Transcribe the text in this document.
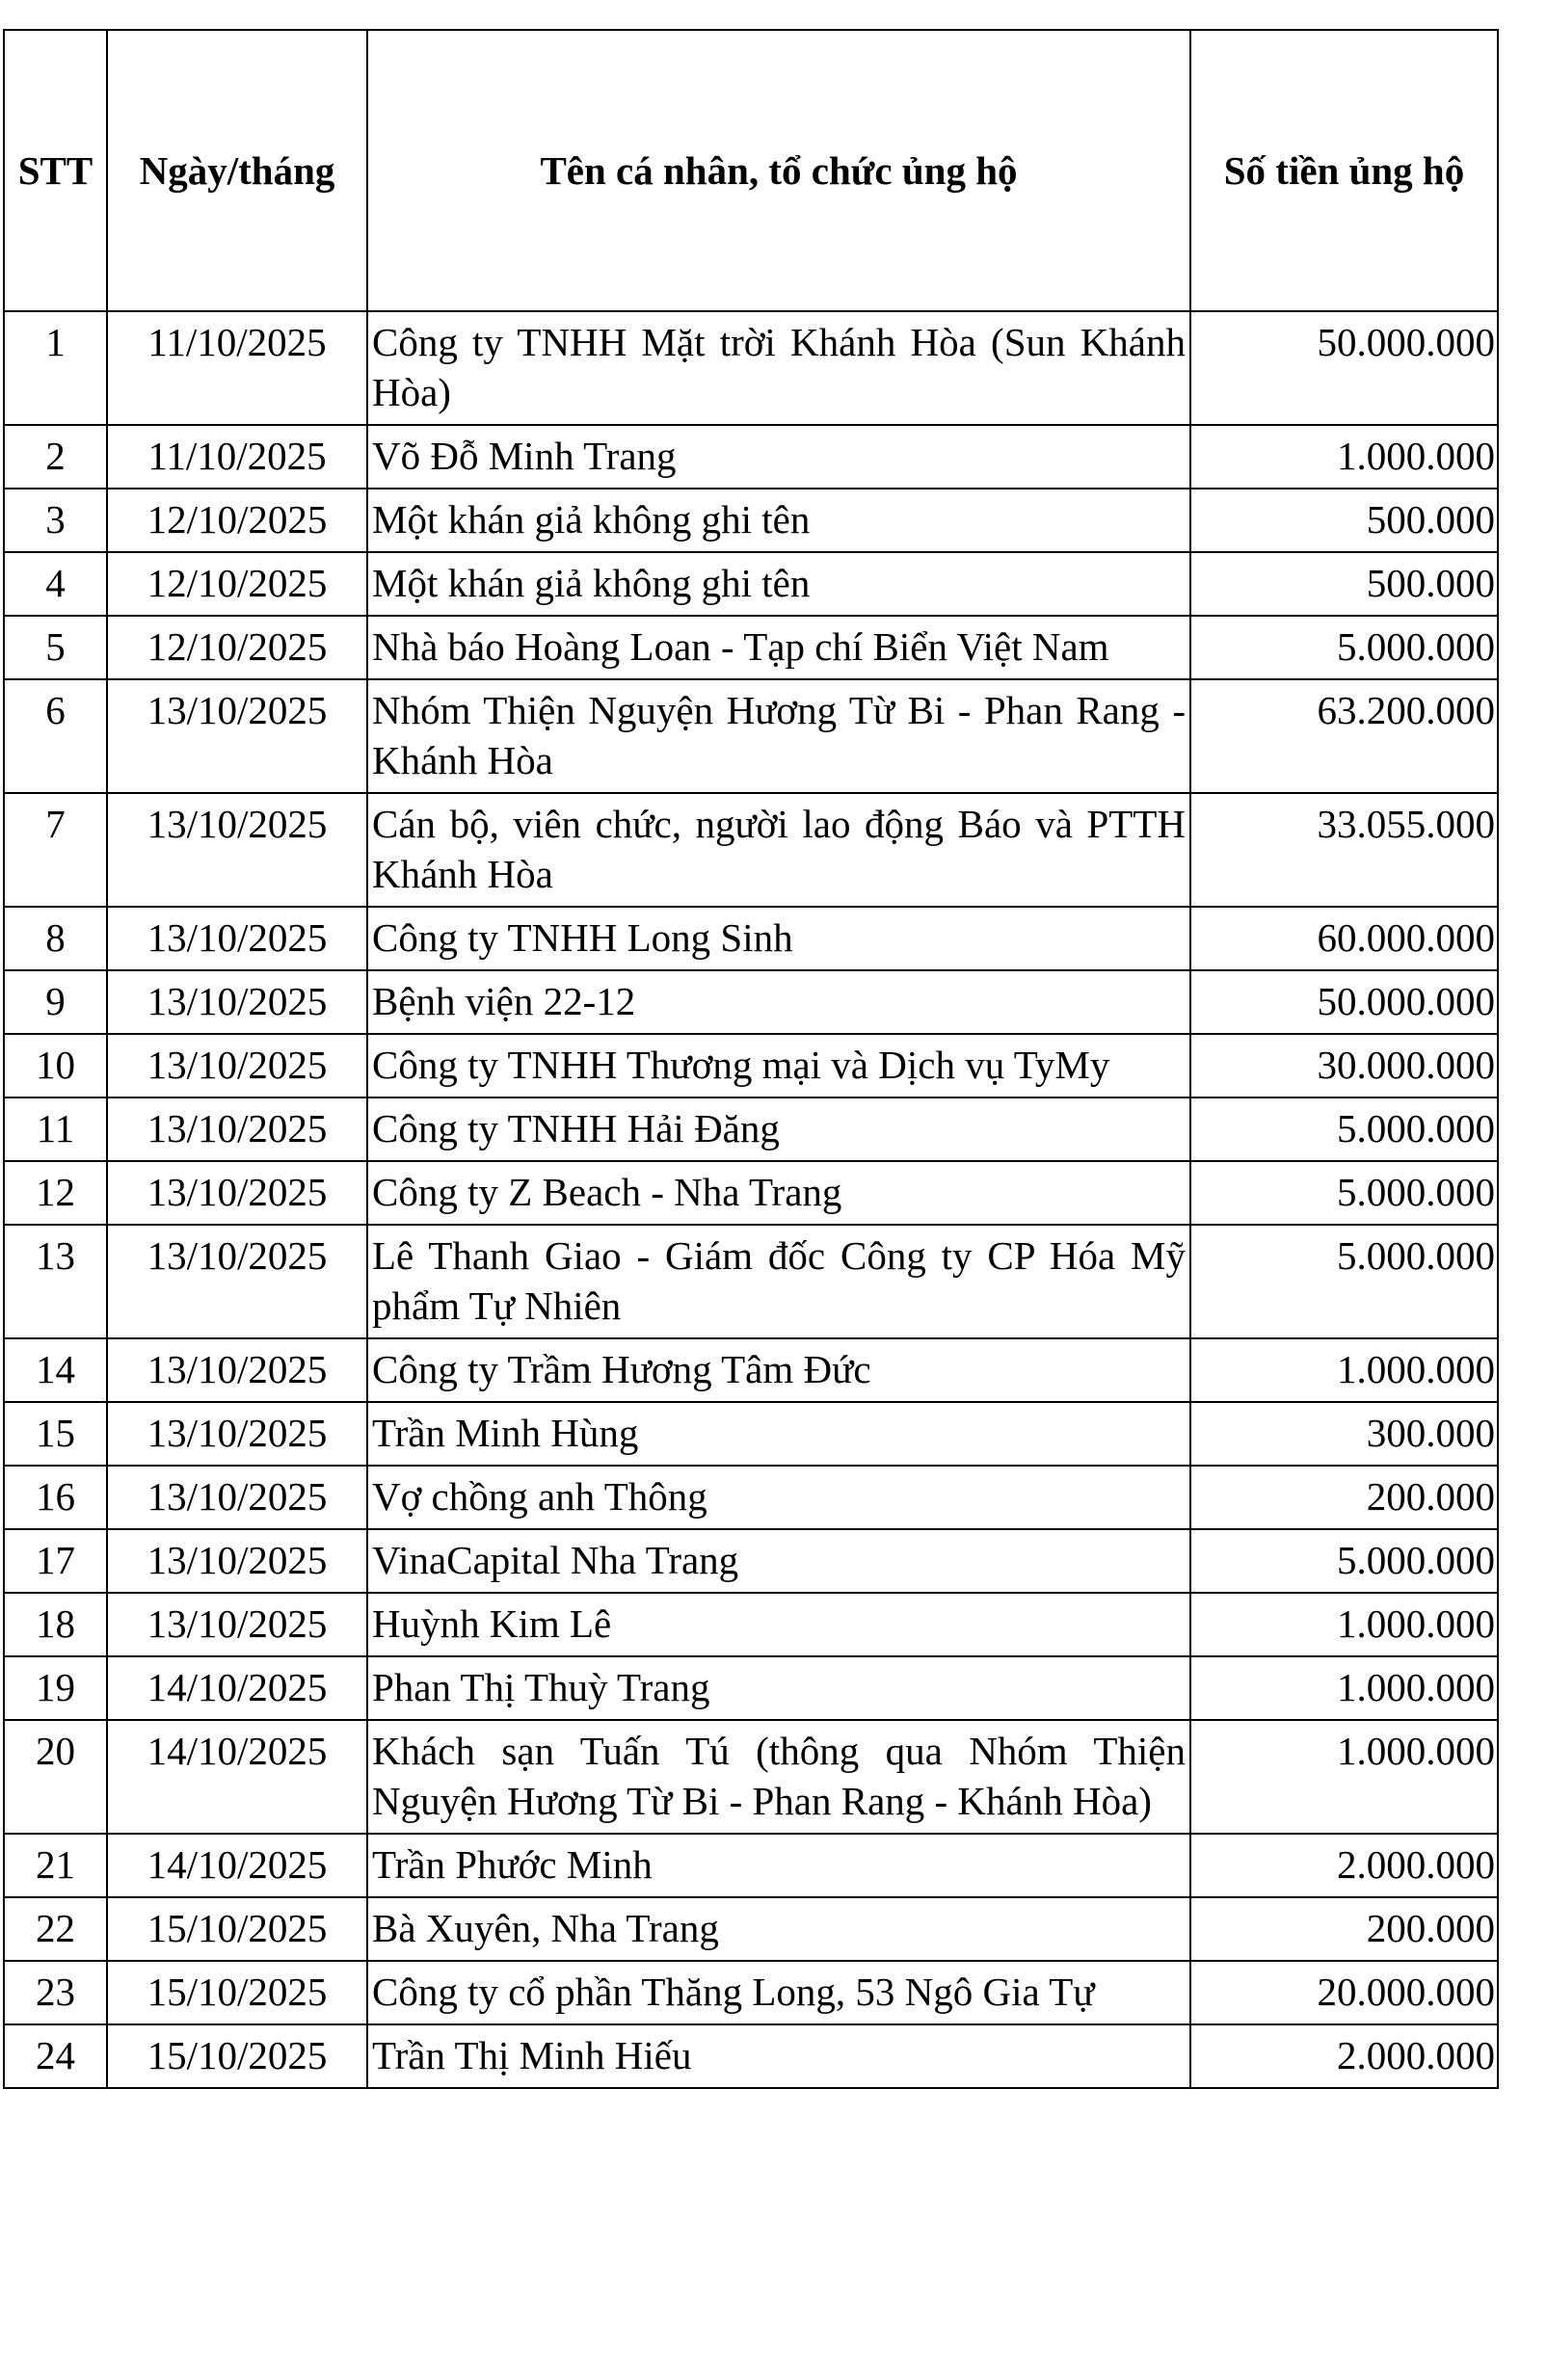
STT	Ngày/tháng	Tên cá nhân, tổ chức ủng hộ	Số tiền ủng hộ
1	11/10/2025	Công ty TNHH Mặt trời Khánh Hòa (Sun Khánh Hòa)	50.000.000
2	11/10/2025	Võ Đỗ Minh Trang	1.000.000
3	12/10/2025	Một khán giả không ghi tên	500.000
4	12/10/2025	Một khán giả không ghi tên	500.000
5	12/10/2025	Nhà báo Hoàng Loan - Tạp chí Biển Việt Nam	5.000.000
6	13/10/2025	Nhóm Thiện Nguyện Hương Từ Bi - Phan Rang - Khánh Hòa	63.200.000
7	13/10/2025	Cán bộ, viên chức, người lao động Báo và PTTH Khánh Hòa	33.055.000
8	13/10/2025	Công ty TNHH Long Sinh	60.000.000
9	13/10/2025	Bệnh viện 22-12	50.000.000
10	13/10/2025	Công ty TNHH Thương mại và Dịch vụ TyMy	30.000.000
11	13/10/2025	Công ty TNHH Hải Đăng	5.000.000
12	13/10/2025	Công ty Z Beach - Nha Trang	5.000.000
13	13/10/2025	Lê Thanh Giao - Giám đốc Công ty CP Hóa Mỹ phẩm Tự Nhiên	5.000.000
14	13/10/2025	Công ty Trầm Hương Tâm Đức	1.000.000
15	13/10/2025	Trần Minh Hùng	300.000
16	13/10/2025	Vợ chồng anh Thông	200.000
17	13/10/2025	VinaCapital Nha Trang	5.000.000
18	13/10/2025	Huỳnh Kim Lê	1.000.000
19	14/10/2025	Phan Thị Thuỳ Trang	1.000.000
20	14/10/2025	Khách sạn Tuấn Tú (thông qua Nhóm Thiện Nguyện Hương Từ Bi - Phan Rang - Khánh Hòa)	1.000.000
21	14/10/2025	Trần Phước Minh	2.000.000
22	15/10/2025	Bà Xuyên, Nha Trang	200.000
23	15/10/2025	Công ty cổ phần Thăng Long, 53 Ngô Gia Tự	20.000.000
24	15/10/2025	Trần Thị Minh Hiếu	2.000.000
